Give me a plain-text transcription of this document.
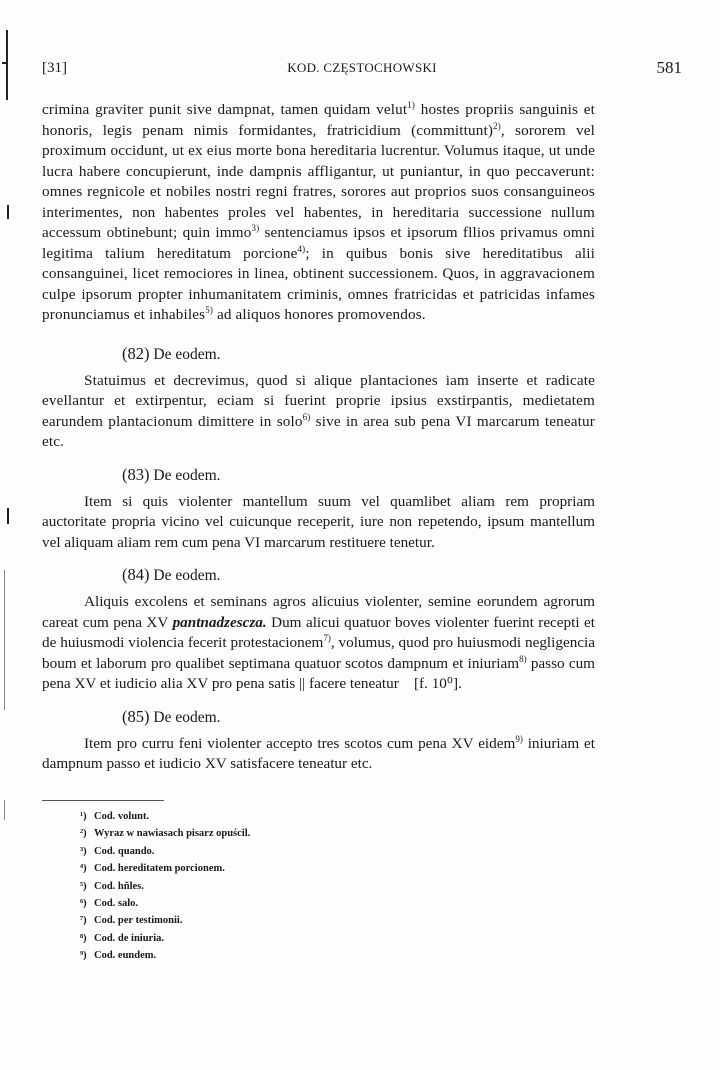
[31]	KOD. CZĘSTOCHOWSKI	581

crimina graviter punit sive dampnat, tamen quidam velut$^{1)}$ hostes propriis sanguinis et honoris, legis penam nimis formidantes, fratricidium (committunt)$^{2)}$, sororem vel proximum occidunt, ut ex eius morte bona hereditaria lucrentur. Volumus itaque, ut unde lucra habere concupierunt, inde dampnis affligantur, ut puniantur, in quo peccaverunt: omnes regnicole et nobiles nostri regni fratres, sorores aut proprios suos consanguineos interimentes, non habentes proles vel habentes, in hereditaria successione nullum accessum obtinebunt; quin immo$^{3)}$ sentenciamus ipsos et ipsorum fllios privamus omni legitima talium hereditatum porcione$^{4)}$; in quibus bonis sive hereditatibus alii consanguinei, licet remociores in linea, obtinent successionem. Quos, in aggravacionem culpe ipsorum propter inhumanitatem criminis, omnes fratricidas et patricidas infames pronunciamus et inhabiles$^{5)}$ ad aliquos honores promovendos.

(82) De eodem.

Statuimus et decrevimus, quod si alique plantaciones iam inserte et radicate evellantur et extirpentur, eciam si fuerint proprie ipsius exstirpantis, medietatem earundem plantacionum dimittere in solo$^{6)}$ sive in area sub pena VI marcarum teneatur etc.

(83) De eodem.

Item si quis violenter mantellum suum vel quamlibet aliam rem propriam auctoritate propria vicino vel cuicunque receperit, iure non repetendo, ipsum mantellum vel aliquam aliam rem cum pena VI marcarum restituere tenetur.

(84) De eodem.

Aliquis excolens et seminans agros alicuius violenter, semine eorundem agrorum careat cum pena XV pantnadzescza. Dum alicui quatuor boves violenter fuerint recepti et de huiusmodi violencia fecerit protestacionem$^{7)}$, volumus, quod pro huiusmodi negligencia boum et laborum pro qualibet septimana quatuor scotos dampnum et iniuriam$^{8)}$ passo cum pena XV et iudicio alia XV pro pena satis || facere teneatur [f. 10⁰].

(85) De eodem.

Item pro curru feni violenter accepto tres scotos cum pena XV eidem$^{9)}$ iniuriam et dampnum passo et iudicio XV satisfacere teneatur etc.

¹) Cod. volunt.
²) Wyraz w nawiasach pisarz opuścil.
³) Cod. quando.
⁴) Cod. hereditatem porcionem.
⁵) Cod. hñles.
⁶) Cod. salo.
⁷) Cod. per testimonii.
⁸) Cod. de iniuria.
⁹) Cod. eundem.
